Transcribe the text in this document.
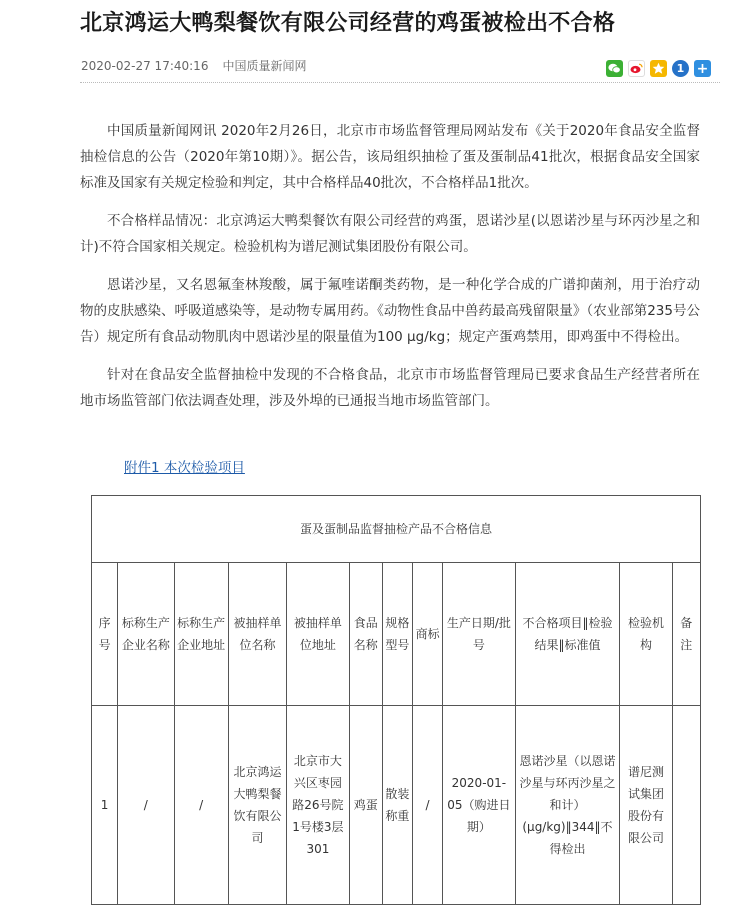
北京鸿运大鸭梨餐饮有限公司经营的鸡蛋被检出不合格
2020-02-27 17:40:16 中国质量新闻网	1 +

中国质量新闻网讯 2020年2月26日，北京市市场监督管理局网站发布《关于2020年食品安全监督抽检信息的公告（2020年第10期）》。据公告，该局组织抽检了蛋及蛋制品41批次，根据食品安全国家标准及国家有关规定检验和判定，其中合格样品40批次，不合格样品1批次。

不合格样品情况：北京鸿运大鸭梨餐饮有限公司经营的鸡蛋，恩诺沙星(以恩诺沙星与环丙沙星之和计)不符合国家相关规定。检验机构为谱尼测试集团股份有限公司。

恩诺沙星，又名恩氟奎林羧酸，属于氟喹诺酮类药物，是一种化学合成的广谱抑菌剂，用于治疗动物的皮肤感染、呼吸道感染等，是动物专属用药。《动物性食品中兽药最高残留限量》（农业部第235号公告）规定所有食品动物肌肉中恩诺沙星的限量值为100 μg/kg；规定产蛋鸡禁用，即鸡蛋中不得检出。

针对在食品安全监督抽检中发现的不合格食品，北京市市场监督管理局已要求食品生产经营者所在地市场监管部门依法调查处理，涉及外埠的已通报当地市场监管部门。

附件1 本次检验项目
蛋及蛋制品监督抽检产品不合格信息											
序号	标称生产企业名称	标称生产企业地址	被抽样单位名称	被抽样单位地址	食品名称	规格型号	商标	生产日期/批号	不合格项目‖检验结果‖标准值	检验机构	备注
1	/	/	北京鸿运大鸭梨餐饮有限公司	北京市大兴区枣园路26号院1号楼3层301	鸡蛋	散装称重	/	2020-01-05（购进日期）	恩诺沙星（以恩诺沙星与环丙沙星之和计）(μg/kg)‖344‖不得检出	谱尼测试集团股份有限公司	
